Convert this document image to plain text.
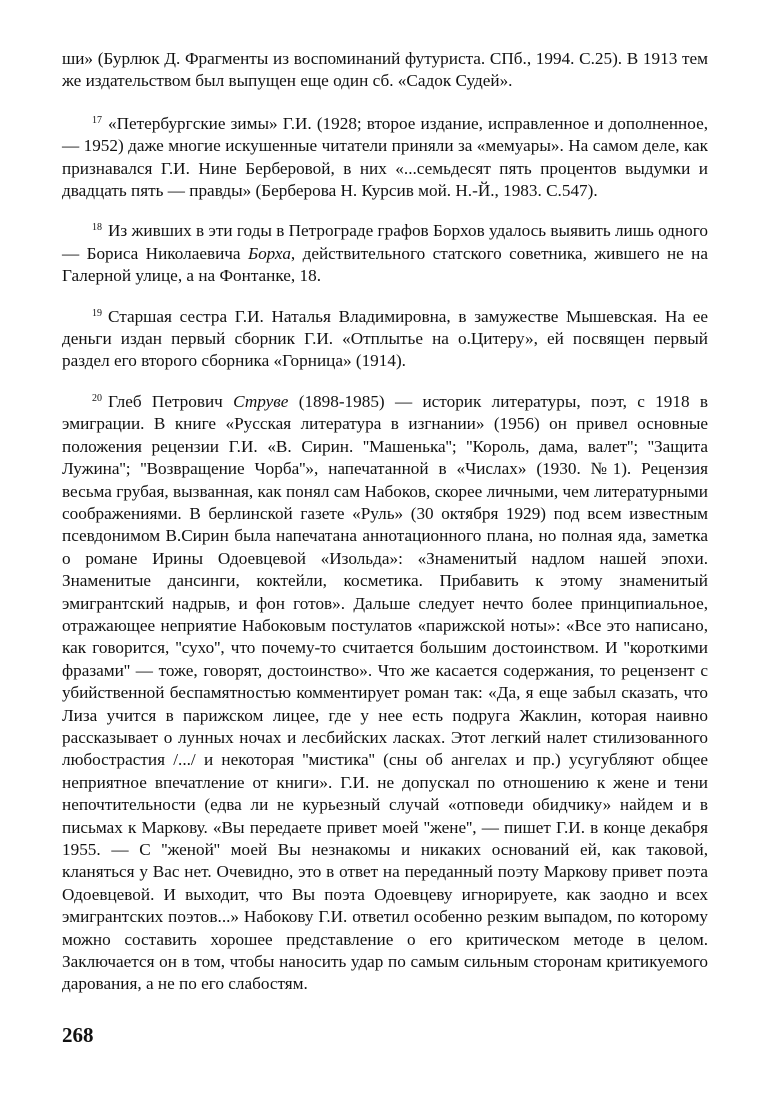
ши» (Бурлюк Д. Фрагменты из воспоминаний футуриста. СПб., 1994. С.25). В 1913 тем же издательством был выпущен еще один сб. «Садок Судей».

$^{17}$ «Петербургские зимы» Г.И. (1928; второе издание, исправленное и дополненное, — 1952) даже многие искушенные читатели приняли за «мемуары». На самом деле, как признавался Г.И. Нине Берберовой, в них «...семьдесят пять процентов выдумки и двадцать пять — правды» (Берберова Н. Курсив мой. Н.-Й., 1983. С.547).

$^{18}$ Из живших в эти годы в Петрограде графов Борхов удалось выявить лишь одного — Бориса Николаевича Борха, действительного статского советника, жившего не на Галерной улице, а на Фонтанке, 18.

$^{19}$ Старшая сестра Г.И. Наталья Владимировна, в замужестве Мышевская. На ее деньги издан первый сборник Г.И. «Отплытье на о.Цитеру», ей посвящен первый раздел его второго сборника «Горница» (1914).

$^{20}$ Глеб Петрович Струве (1898-1985) — историк литературы, поэт, с 1918 в эмиграции. В книге «Русская литература в изгнании» (1956) он привел основные положения рецензии Г.И. «В. Сирин. ''Машенька''; ''Король, дама, валет''; ''Защита Лужина''; ''Возвращение Чорба''», напечатанной в «Числах» (1930. №1). Рецензия весьма грубая, вызванная, как понял сам Набоков, скорее личными, чем литературными соображениями. В берлинской газете «Руль» (30 октября 1929) под всем известным псевдонимом В.Сирин была напечатана аннотационного плана, но полная яда, заметка о романе Ирины Одоевцевой «Изольда»: «Знаменитый надлом нашей эпохи. Знаменитые дансинги, коктейли, косметика. Прибавить к этому знаменитый эмигрантский надрыв, и фон готов». Дальше следует нечто более принципиальное, отражающее неприятие Набоковым постулатов «парижской ноты»: «Все это написано, как говорится, ''сухо'', что почему-то считается большим достоинством. И ''короткими фразами'' — тоже, говорят, достоинство». Что же касается содержания, то рецензент с убийственной беспамятностью комментирует роман так: «Да, я еще забыл сказать, что Лиза учится в парижском лицее, где у нее есть подруга Жаклин, которая наивно рассказывает о лунных ночах и лесбийских ласках. Этот легкий налет стилизованного любострастия /.../ и некоторая ''мистика'' (сны об ангелах и пр.) усугубляют общее неприятное впечатление от книги». Г.И. не допускал по отношению к жене и тени непочтительности (едва ли не курьезный случай «отповеди обидчику» найдем и в письмах к Маркову. «Вы передаете привет моей ''жене'', — пишет Г.И. в конце декабря 1955. — С ''женой'' моей Вы незнакомы и никаких оснований ей, как таковой, кланяться у Вас нет. Очевидно, это в ответ на переданный поэту Маркову привет поэта Одоевцевой. И выходит, что Вы поэта Одоевцеву игнорируете, как заодно и всех эмигрантских поэтов...» Набокову Г.И. ответил особенно резким выпадом, по которому можно составить хорошее представление о его критическом методе в целом. Заключается он в том, чтобы наносить удар по самым сильным сторонам критикуемого дарования, а не по его слабостям.

268
